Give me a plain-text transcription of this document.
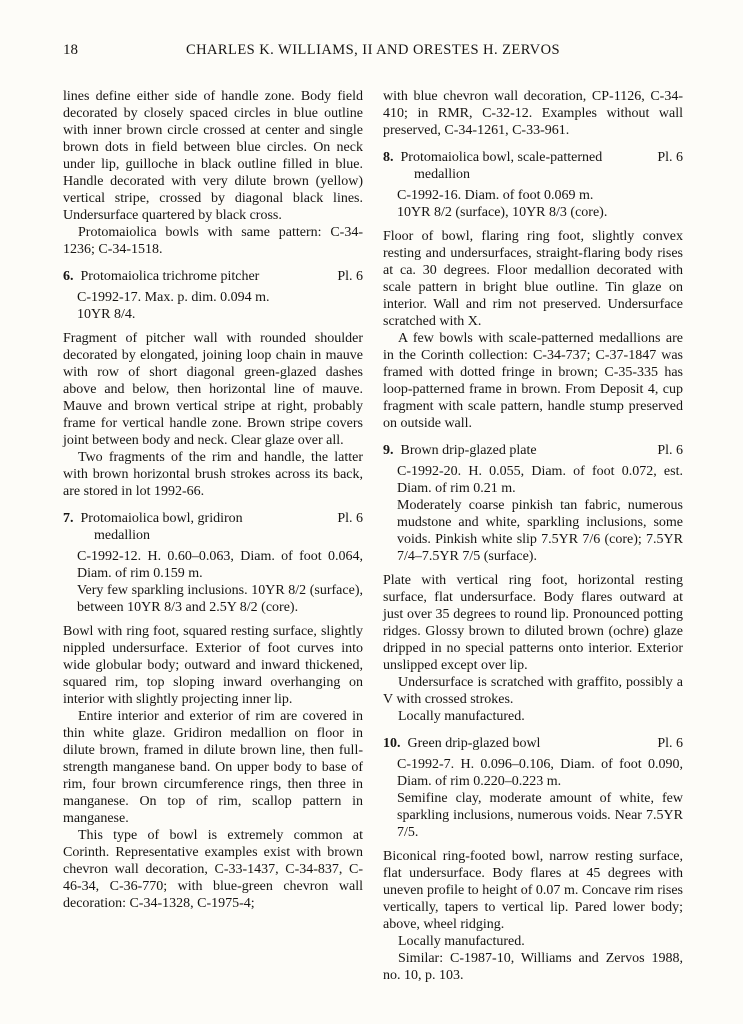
18	CHARLES K. WILLIAMS, II AND ORESTES H. ZERVOS

lines define either side of handle zone. Body field decorated by closely spaced circles in blue outline with inner brown circle crossed at center and single brown dots in field between blue circles. On neck under lip, guilloche in black outline filled in blue. Handle decorated with very dilute brown (yellow) vertical stripe, crossed by diagonal black lines. Undersurface quartered by black cross.

Protomaiolica bowls with same pattern: C-34-1236; C-34-1518.

6. Protomaiolica trichrome pitcher	Pl. 6

C-1992-17. Max. p. dim. 0.094 m.

10YR 8/4.

Fragment of pitcher wall with rounded shoulder decorated by elongated, joining loop chain in mauve with row of short diagonal green-glazed dashes above and below, then horizontal line of mauve. Mauve and brown vertical stripe at right, probably frame for vertical handle zone. Brown stripe covers joint between body and neck. Clear glaze over all.

Two fragments of the rim and handle, the latter with brown horizontal brush strokes across its back, are stored in lot 1992-66.

7. Protomaiolica bowl, gridiron	Pl. 6
medallion

C-1992-12. H. 0.60–0.063, Diam. of foot 0.064, Diam. of rim 0.159 m.

Very few sparkling inclusions. 10YR 8/2 (surface), between 10YR 8/3 and 2.5Y 8/2 (core).

Bowl with ring foot, squared resting surface, slightly nippled undersurface. Exterior of foot curves into wide globular body; outward and inward thickened, squared rim, top sloping inward overhanging on interior with slightly projecting inner lip.

Entire interior and exterior of rim are covered in thin white glaze. Gridiron medallion on floor in dilute brown, framed in dilute brown line, then full-strength manganese band. On upper body to base of rim, four brown circumference rings, then three in manganese. On top of rim, scallop pattern in manganese.

This type of bowl is extremely common at Corinth. Representative examples exist with brown chevron wall decoration, C-33-1437, C-34-837, C-46-34, C-36-770; with blue-green chevron wall decoration: C-34-1328, C-1975-4;

with blue chevron wall decoration, CP-1126, C-34-410; in RMR, C-32-12. Examples without wall preserved, C-34-1261, C-33-961.

8. Protomaiolica bowl, scale-patterned	Pl. 6
medallion

C-1992-16. Diam. of foot 0.069 m.

10YR 8/2 (surface), 10YR 8/3 (core).

Floor of bowl, flaring ring foot, slightly convex resting and undersurfaces, straight-flaring body rises at ca. 30 degrees. Floor medallion decorated with scale pattern in bright blue outline. Tin glaze on interior. Wall and rim not preserved. Undersurface scratched with X.

A few bowls with scale-patterned medallions are in the Corinth collection: C-34-737; C-37-1847 was framed with dotted fringe in brown; C-35-335 has loop-patterned frame in brown. From Deposit 4, cup fragment with scale pattern, handle stump preserved on outside wall.

9. Brown drip-glazed plate	Pl. 6

C-1992-20. H. 0.055, Diam. of foot 0.072, est. Diam. of rim 0.21 m.

Moderately coarse pinkish tan fabric, numerous mudstone and white, sparkling inclusions, some voids. Pinkish white slip 7.5YR 7/6 (core); 7.5YR 7/4–7.5YR 7/5 (surface).

Plate with vertical ring foot, horizontal resting surface, flat undersurface. Body flares outward at just over 35 degrees to round lip. Pronounced potting ridges. Glossy brown to diluted brown (ochre) glaze dripped in no special patterns onto interior. Exterior unslipped except over lip.

Undersurface is scratched with graffito, possibly a V with crossed strokes.

Locally manufactured.

10. Green drip-glazed bowl	Pl. 6

C-1992-7. H. 0.096–0.106, Diam. of foot 0.090, Diam. of rim 0.220–0.223 m.

Semifine clay, moderate amount of white, few sparkling inclusions, numerous voids. Near 7.5YR 7/5.

Biconical ring-footed bowl, narrow resting surface, flat undersurface. Body flares at 45 degrees with uneven profile to height of 0.07 m. Concave rim rises vertically, tapers to vertical lip. Pared lower body; above, wheel ridging.

Locally manufactured.

Similar: C-1987-10, Williams and Zervos 1988, no. 10, p. 103.
